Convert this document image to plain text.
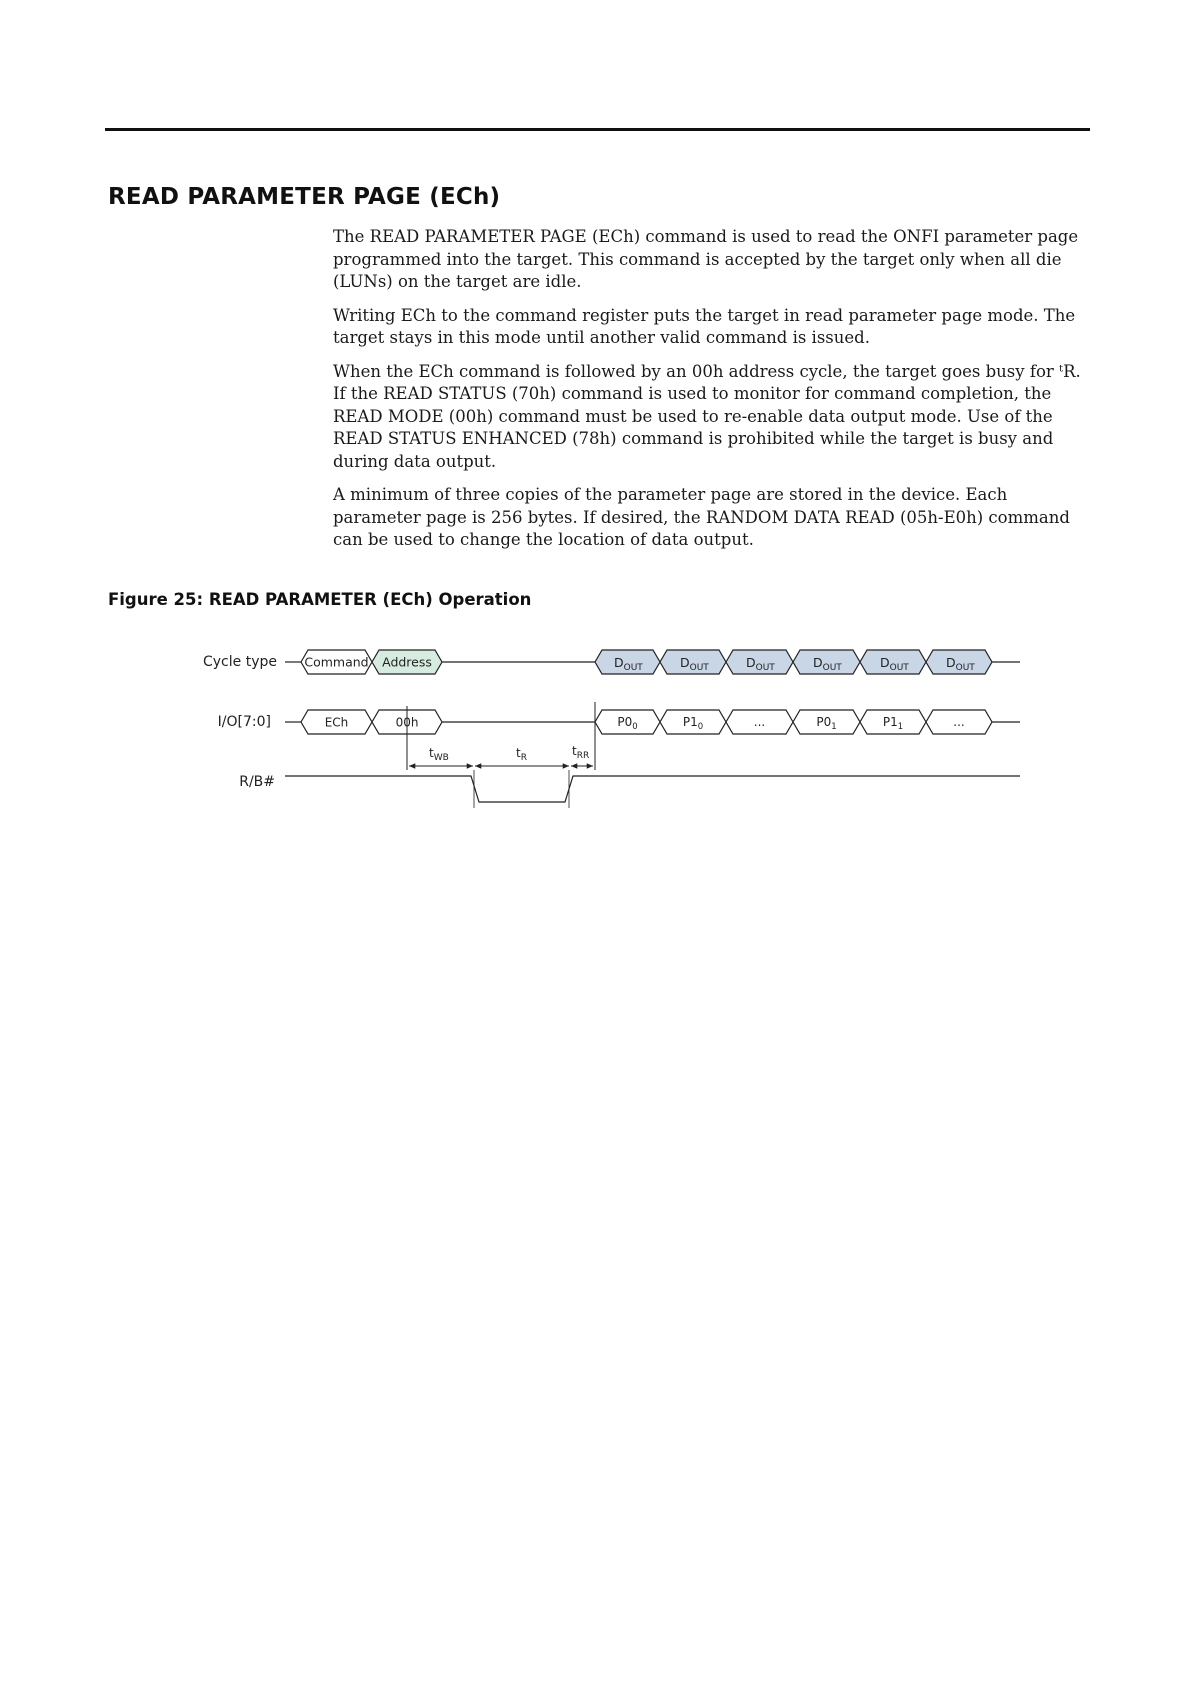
READ PARAMETER PAGE (ECh)

The READ PARAMETER PAGE (ECh) command is used to read the ONFI parameter page programmed into the target. This command is accepted by the target only when all die (LUNs) on the target are idle.

Writing ECh to the command register puts the target in read parameter page mode. The target stays in this mode until another valid command is issued.

When the ECh command is followed by an 00h address cycle, the target goes busy for ᵗR. If the READ STATUS (70h) command is used to monitor for command completion, the READ MODE (00h) command must be used to re-enable data output mode. Use of the READ STATUS ENHANCED (78h) command is prohibited while the target is busy and during data output.

A minimum of three copies of the parameter page are stored in the device. Each parameter page is 256 bytes. If desired, the RANDOM DATA READ (05h-E0h) command can be used to change the location of data output.

Figure 25: READ PARAMETER (ECh) Operation
Cycle type
I/O[7:0]
R/B#
Command Address	$D_{OUT}$	$D_{OUT}$	$D_{OUT}$	$D_{OUT}$	$D_{OUT}$	$D_{OUT}$
ECh	00h	$P0_0$	$P1_0$	...	$P0_1$	$P1_1$	...
$t_{WB}$	$t_R$	$t_{RR}$
